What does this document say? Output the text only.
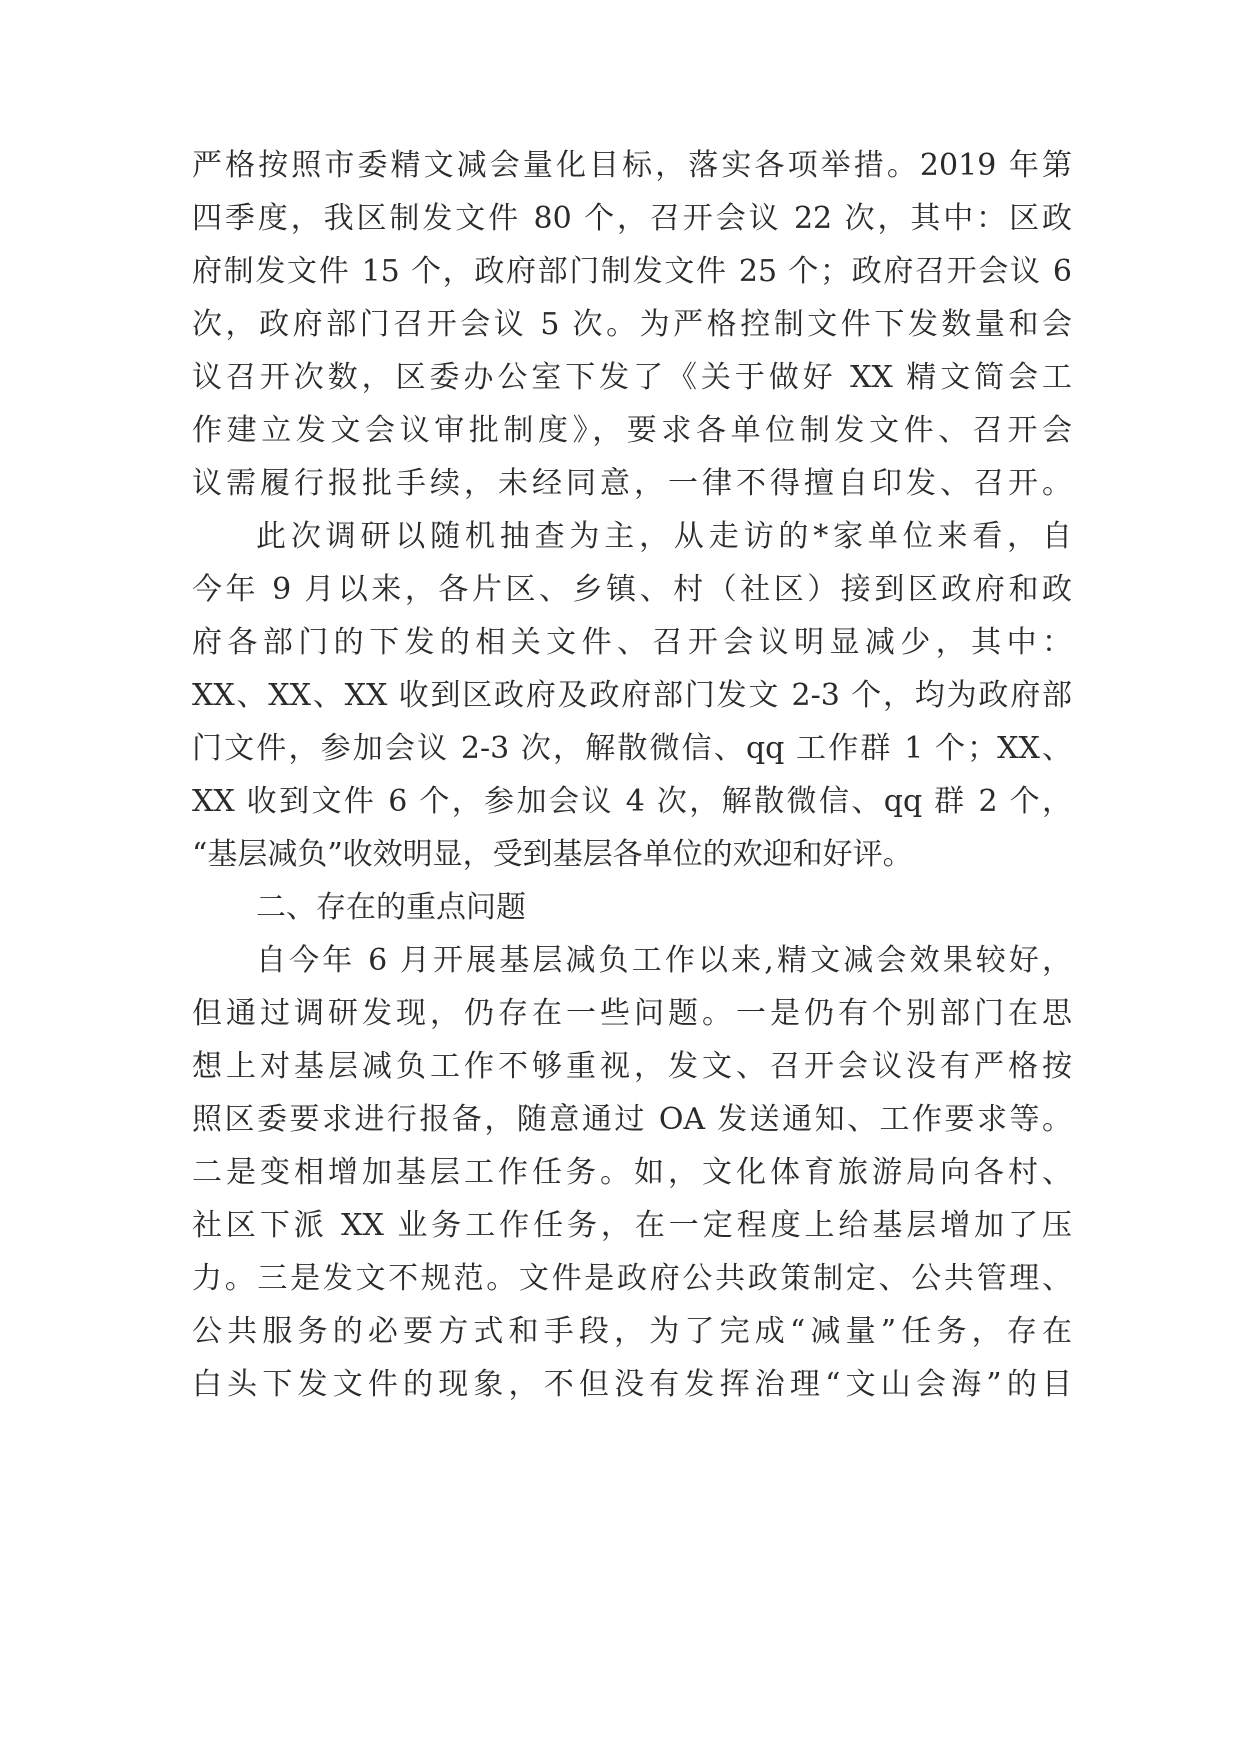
严格按照市委精文减会量化目标，落实各项举措。2019 年第
四季度，我区制发文件 80 个，召开会议 22 次，其中：区政
府制发文件 15 个，政府部门制发文件 25 个；政府召开会议 6
次，政府部门召开会议 5 次。为严格控制文件下发数量和会
议召开次数，区委办公室下发了《关于做好 XX 精文简会工
作建立发文会议审批制度》，要求各单位制发文件、召开会
议需履行报批手续，未经同意，一律不得擅自印发、召开。
此次调研以随机抽查为主，从走访的*家单位来看，自
今年 9 月以来，各片区、乡镇、村（社区）接到区政府和政
府各部门的下发的相关文件、召开会议明显减少，其中：
XX、XX、XX 收到区政府及政府部门发文 2-3 个，均为政府部
门文件，参加会议 2-3 次，解散微信、qq 工作群 1 个；XX、
XX 收到文件 6 个，参加会议 4 次，解散微信、qq 群 2 个，
“基层减负”收效明显，受到基层各单位的欢迎和好评。
二、存在的重点问题
自今年 6 月开展基层减负工作以来,精文减会效果较好，
但通过调研发现，仍存在一些问题。一是仍有个别部门在思
想上对基层减负工作不够重视，发文、召开会议没有严格按
照区委要求进行报备，随意通过 OA 发送通知、工作要求等。
二是变相增加基层工作任务。如，文化体育旅游局向各村、
社区下派 XX 业务工作任务，在一定程度上给基层增加了压
力。三是发文不规范。文件是政府公共政策制定、公共管理、
公共服务的必要方式和手段，为了完成“减量”任务，存在
白头下发文件的现象，不但没有发挥治理“文山会海”的目
